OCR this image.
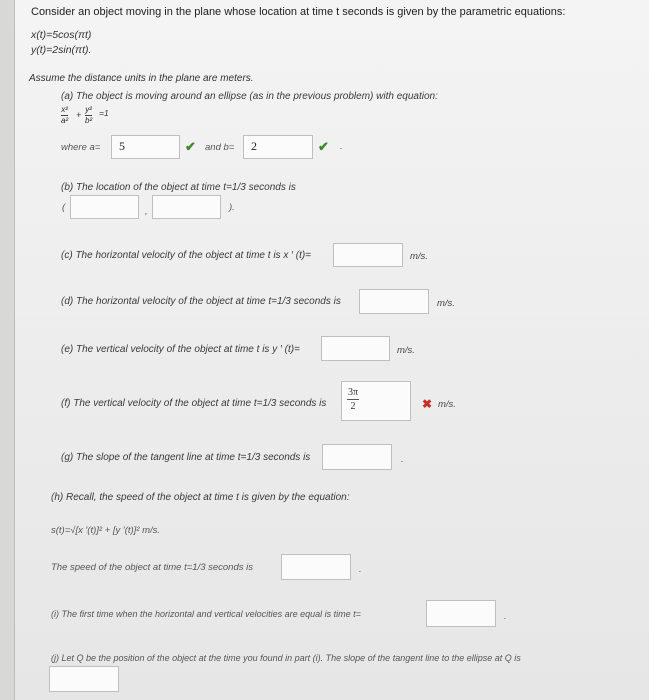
Consider an object moving in the plane whose location at time t seconds is given by the parametric equations:
x(t)=5cos(πt)
y(t)=2sin(πt).
Assume the distance units in the plane are meters.
(a) The object is moving around an ellipse (as in the previous problem) with equation:
x²
a²
+
y²
b²
=1
where a=	5	✔ and b=	2	✔ .
(b) The location of the object at time t=1/3 seconds is
(	,	).
(c) The horizontal velocity of the object at time t is x ′ (t)=	m/s.
(d) The horizontal velocity of the object at time t=1/3 seconds is	m/s.
(e) The vertical velocity of the object at time t is y ′ (t)=	m/s.
(f) The vertical velocity of the object at time t=1/3 seconds is
3π
2	✖ m/s.
(g) The slope of the tangent line at time t=1/3 seconds is	.
(h) Recall, the speed of the object at time t is given by the equation:
s(t)=√[x ′(t)]² + [y ′(t)]² m/s.
The speed of the object at time t=1/3 seconds is	.
(i) The first time when the horizontal and vertical velocities are equal is time t=	.
(j) Let Q be the position of the object at the time you found in part (i). The slope of the tangent line to the ellipse at Q is
